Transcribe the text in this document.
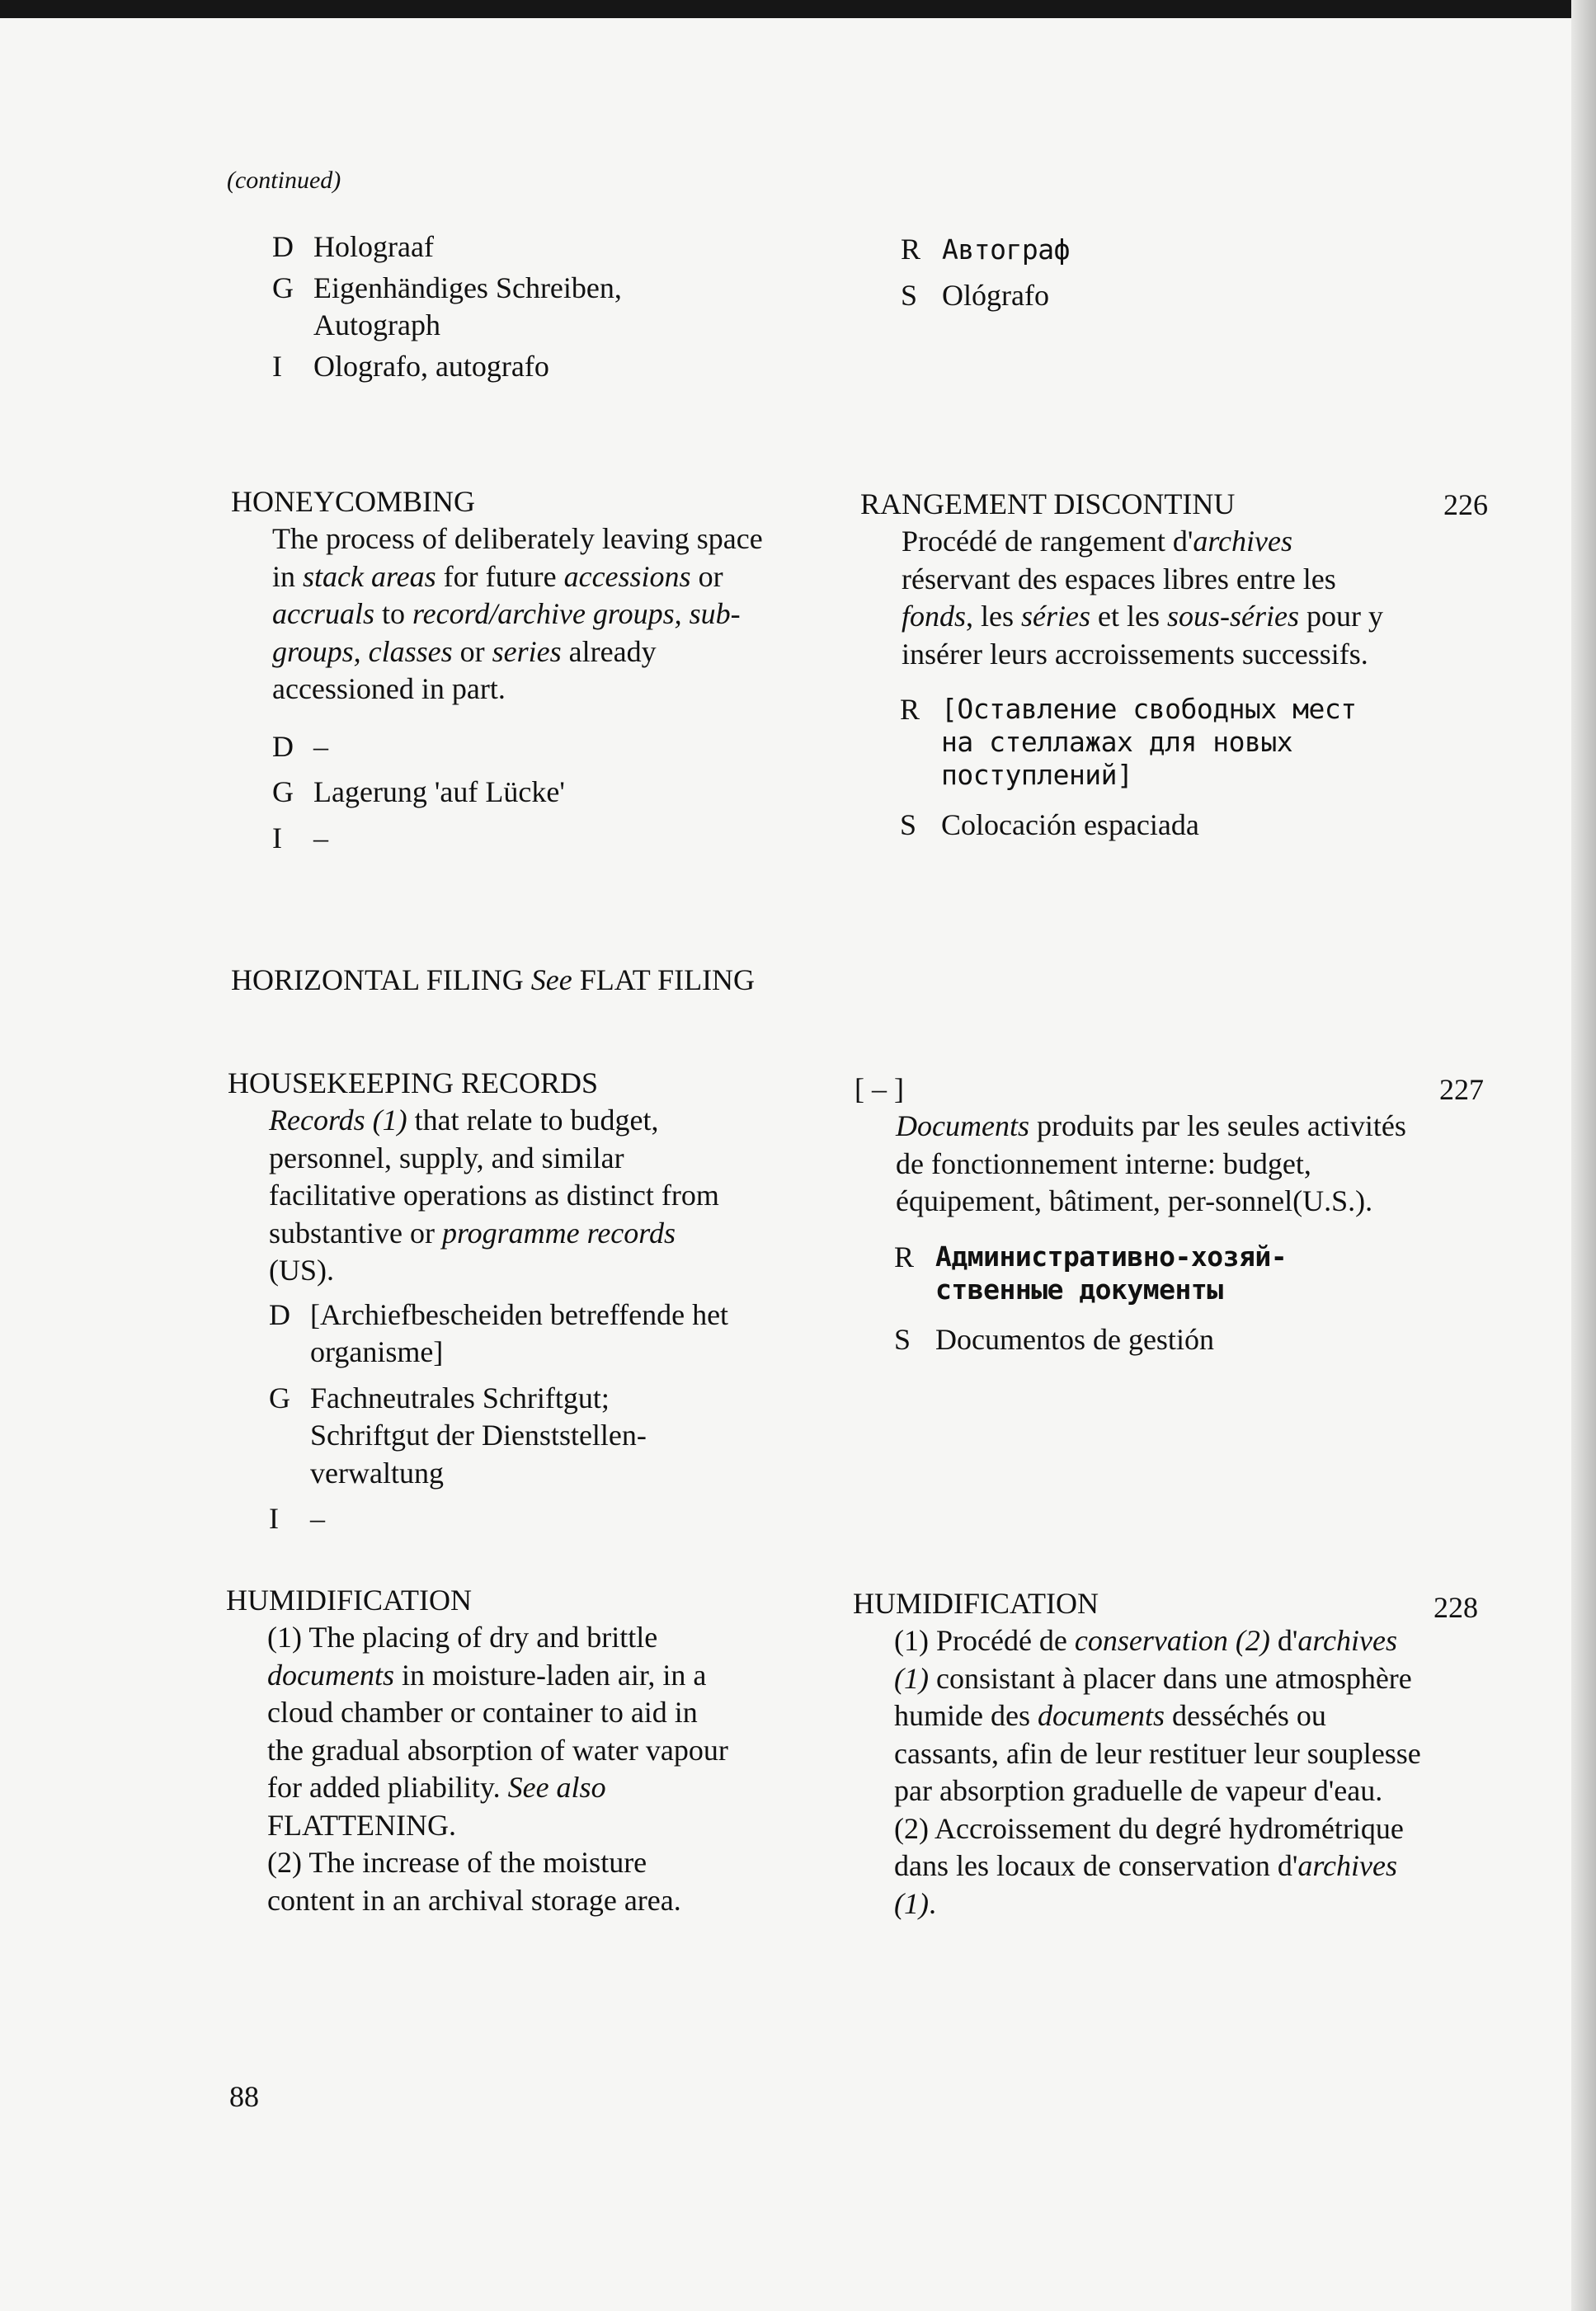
(continued)
D Holograaf
G Eigenhändiges Schreiben, Autograph
I	Olografo, autografo
HONEYCOMBING
The process of deliberately leaving space in stack areas for future accessions or accruals to record/archive groups, sub-groups, classes or series already accessioned in part.
D –
G Lagerung 'auf Lücke'
I	–
HORIZONTAL FILING See FLAT FILING
HOUSEKEEPING RECORDS
Records (1) that relate to budget, personnel, supply, and similar facilitative operations as distinct from substantive or programme records (US).
D [Archiefbescheiden betreffende het organisme]
G Fachneutrales Schriftgut; Schriftgut der Dienststellen-verwaltung
I	–
HUMIDIFICATION
(1) The placing of dry and brittle documents in moisture-laden air, in a cloud chamber or container to aid in the gradual absorption of water vapour for added pliability. See also FLATTENING.
(2) The increase of the moisture content in an archival storage area.
R Автограф
S Ológrafo
RANGEMENT DISCONTINU
Procédé de rangement d'archives réservant des espaces libres entre les fonds, les séries et les sous-séries pour y insérer leurs accroissements successifs.
R [Оставление свободных мест на стеллажах для новых поступлений]
S Colocación espaciada
226
[ – ]
Documents produits par les seules activités de fonctionnement interne: budget, équipement, bâtiment, per-sonnel(U.S.).
R Административно-хозяй-ственные документы
S Documentos de gestión
227
HUMIDIFICATION
(1) Procédé de conservation (2) d'archives (1) consistant à placer dans une atmosphère humide des documents desséchés ou cassants, afin de leur restituer leur souplesse par absorption graduelle de vapeur d'eau.
(2) Accroissement du degré hydrométrique dans les locaux de conservation d'archives (1).
228
88
